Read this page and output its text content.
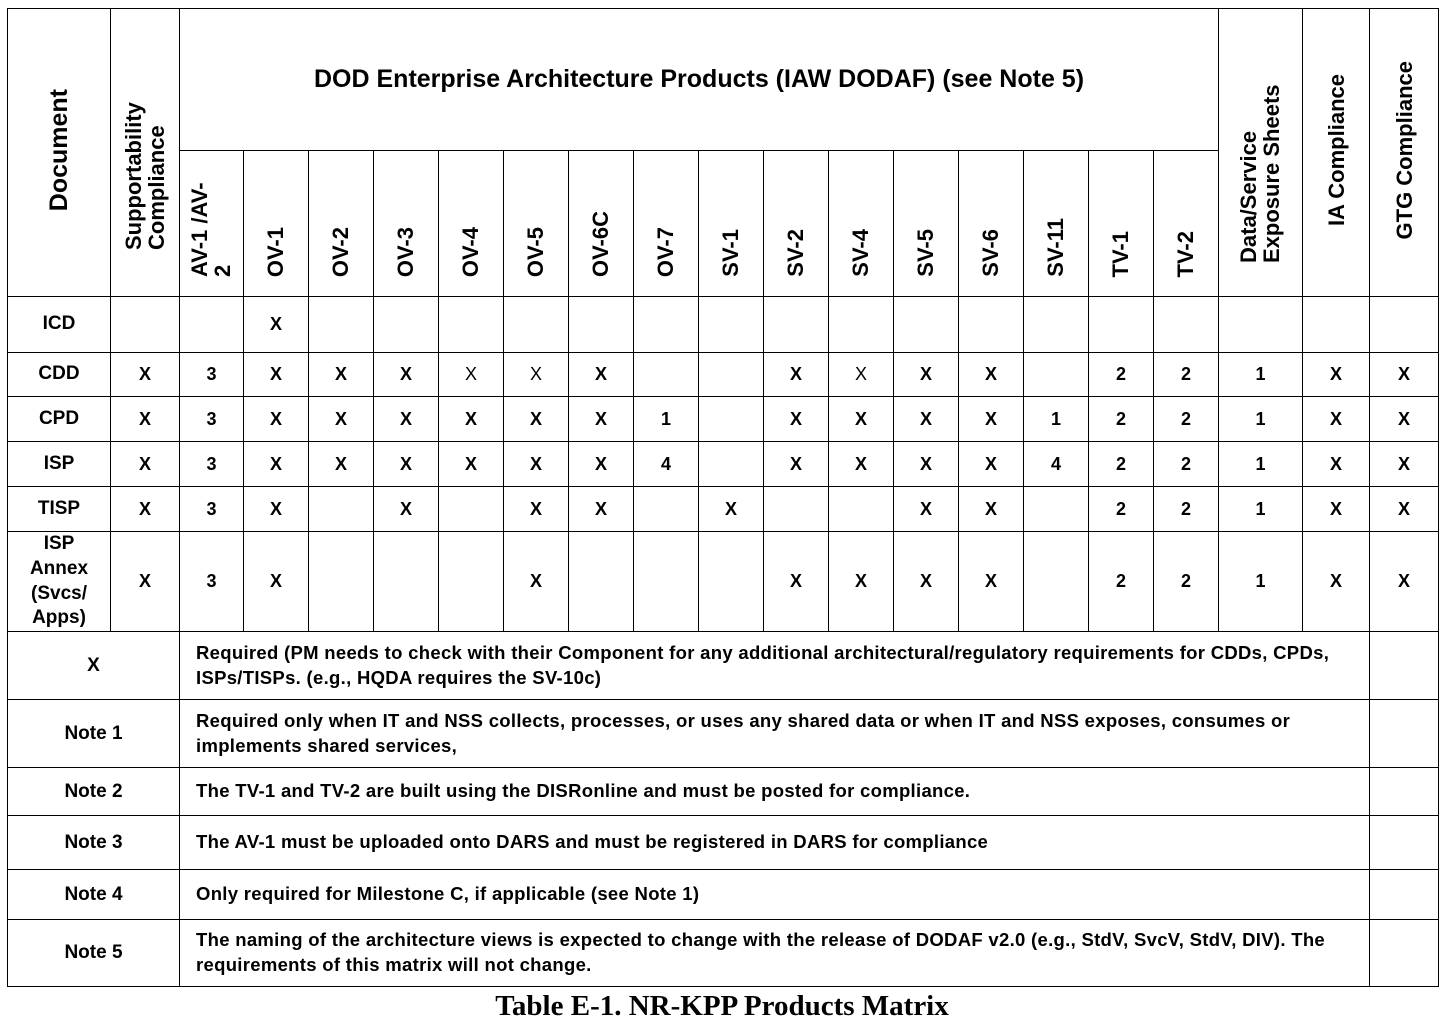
Document	Supportability Compliance	DOD Enterprise Architecture Products (IAW DODAF) (see Note 5)																Data/Service Exposure Sheets	IA Compliance	GTG Compliance
		AV-1 /AV-2	OV-1	OV-2	OV-3	OV-4	OV-5	OV-6C	OV-7	SV-1	SV-2	SV-4	SV-5	SV-6	SV-11	TV-1	TV-2			
ICD			X																	
CDD	X	3	X	X	X	X	X	X			X	X	X	X		2	2	1	X	X
CPD	X	3	X	X	X	X	X	X	1		X	X	X	X	1	2	2	1	X	X
ISP	X	3	X	X	X	X	X	X	4		X	X	X	X	4	2	2	1	X	X
TISP	X	3	X		X		X	X		X			X	X		2	2	1	X	X
ISP Annex (Svcs/ Apps)	X	3	X				X				X	X	X	X		2	2	1	X	X
X		Required (PM needs to check with their Component for any additional architectural/regulatory requirements for CDDs, CPDs, ISPs/TISPs. (e.g., HQDA requires the SV-10c)																		
Note 1		Required only when IT and NSS collects, processes, or uses any shared data or when IT and NSS exposes, consumes or implements shared services,																		
Note 2		The TV-1 and TV-2 are built using the DISRonline and must be posted for compliance.																		
Note 3		The AV-1 must be uploaded onto DARS and must be registered in DARS for compliance																		
Note 4		Only required for Milestone C, if applicable (see Note 1)																		
Note 5		The naming of the architecture views is expected to change with the release of DODAF v2.0 (e.g., StdV, SvcV, StdV, DIV). The requirements of this matrix will not change.																		
Table E-1. NR-KPP Products Matrix
